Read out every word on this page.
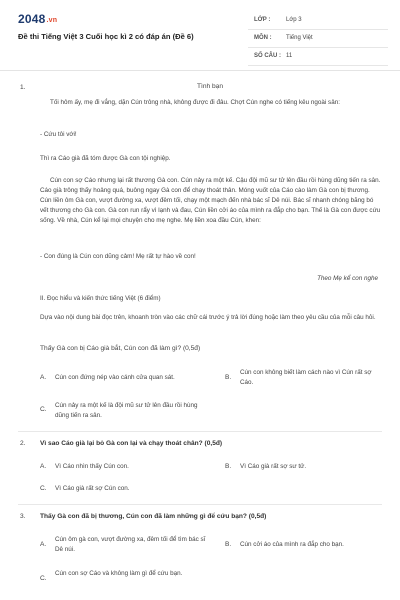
2048.vn
Đề thi Tiếng Việt 3 Cuối học kì 2 có đáp án (Đề 6)
LỚP :	Lớp 3
MÔN : Tiếng Việt
SỐ CÂU : 11
1.	Tình bạn
Tối hôm ấy, mẹ đi vắng, dặn Cún trông nhà, không được đi đâu. Chợt Cún nghe có tiếng kêu ngoài sân:
- Cứu tôi với!
Thì ra Cáo già đã tóm được Gà con tội nghiệp.
Cún con sợ Cáo nhưng lại rất thương Gà con. Cún nảy ra một kế. Cậu đội mũ sư tử lên đầu rồi hùng dũng tiến ra sân. Cáo già trông thấy hoảng quá, buông ngay Gà con để chạy thoát thân. Móng vuốt của Cáo cào làm Gà con bị thương. Cún liền ôm Gà con, vượt đường xa, vượt đêm tối, chạy một mạch đến nhà bác sĩ Dê núi. Bác sĩ nhanh chóng băng bó vết thương cho Gà con. Gà con run rẩy vì lạnh và đau, Cún liền cởi áo của mình ra đắp cho bạn. Thế là Gà con được cứu sống. Về nhà, Cún kể lại mọi chuyện cho mẹ nghe. Mẹ liền xoa đầu Cún, khen:
- Con đúng là Cún con dũng cảm! Mẹ rất tự hào về con!
Theo Mẹ kể con nghe
II. Đọc hiểu và kiến thức tiếng Việt (6 điểm)
Dựa vào nội dung bài đọc trên, khoanh tròn vào các chữ cái trước ý trả lời đúng hoặc làm theo yêu cầu của mỗi câu hỏi.
Thấy Gà con bị Cáo già bắt, Cún con đã làm gì? (0,5đ)
A. Cún con đứng nép vào cánh cửa quan sát.	B.
Cún con không biết làm cách nào vì Cún rất sợ Cáo.
C.
Cún nảy ra một kế là đội mũ sư tử lên đầu rồi hùng dũng tiến ra sân.
2. Vì sao Cáo già lại bỏ Gà con lại và chạy thoát chân? (0,5đ)
A. Vì Cáo nhìn thấy Cún con.	B. Vì Cáo già rất sợ sư tử.
C. Vì Cáo già rất sợ Cún con.
3. Thấy Gà con đã bị thương, Cún con đã làm những gì để cứu bạn? (0,5đ)
A.
Cún ôm gà con, vượt đường xa, đêm tối để tìm bác sĩ Dê núi.
B. Cún cởi áo của mình ra đắp cho bạn.
C.
Cún con sợ Cáo và không làm gì để cứu bạn.
